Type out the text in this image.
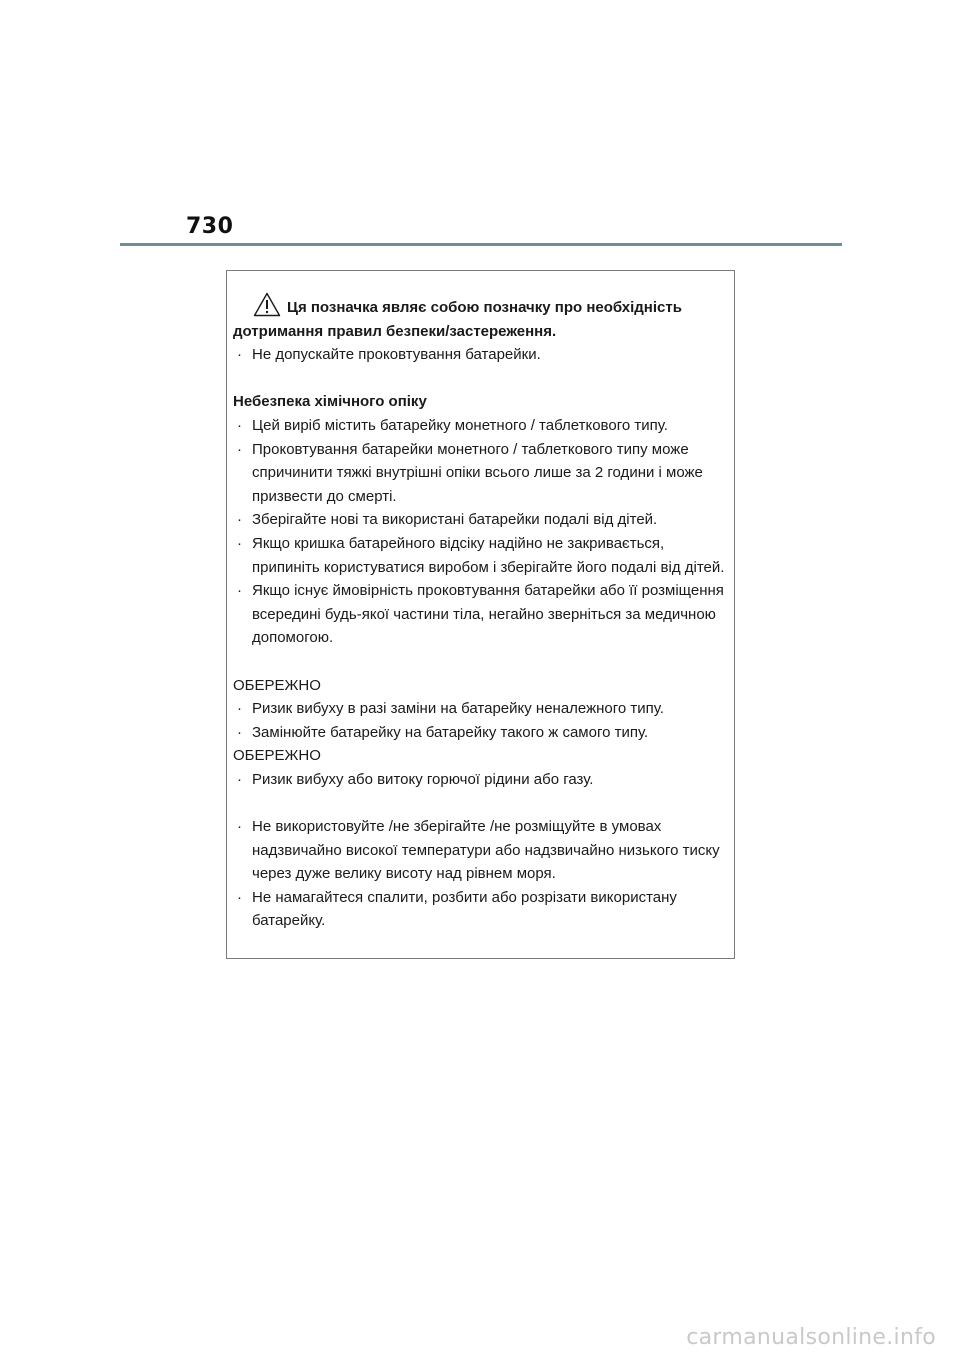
730
Ця позначка являє собою позначку про необхідність
дотримання правил безпеки/застереження.
· Не допускайте проковтування батарейки.
Небезпека хімічного опіку
· Цей виріб містить батарейку монетного / таблеткового типу.
· Проковтування батарейки монетного / таблеткового типу може спричинити тяжкі внутрішні опіки всього лише за 2 години і може призвести до смерті.
· Зберігайте нові та використані батарейки подалі від дітей.
· Якщо кришка батарейного відсіку надійно не закривається, припиніть користуватися виробом і зберігайте його подалі від дітей.
· Якщо існує ймовірність проковтування батарейки або її розміщення всередині будь-якої частини тіла, негайно зверніться за медичною допомогою.
ОБЕРЕЖНО
· Ризик вибуху в разі заміни на батарейку неналежного типу.
· Замінюйте батарейку на батарейку такого ж самого типу.
ОБЕРЕЖНО
· Ризик вибуху або витоку горючої рідини або газу.
· Не використовуйте /не зберігайте /не розміщуйте в умовах надзвичайно високої температури або надзвичайно низького тиску через дуже велику висоту над рівнем моря.
· Не намагайтеся спалити, розбити або розрізати використану батарейку.
carmanualsonline.info
